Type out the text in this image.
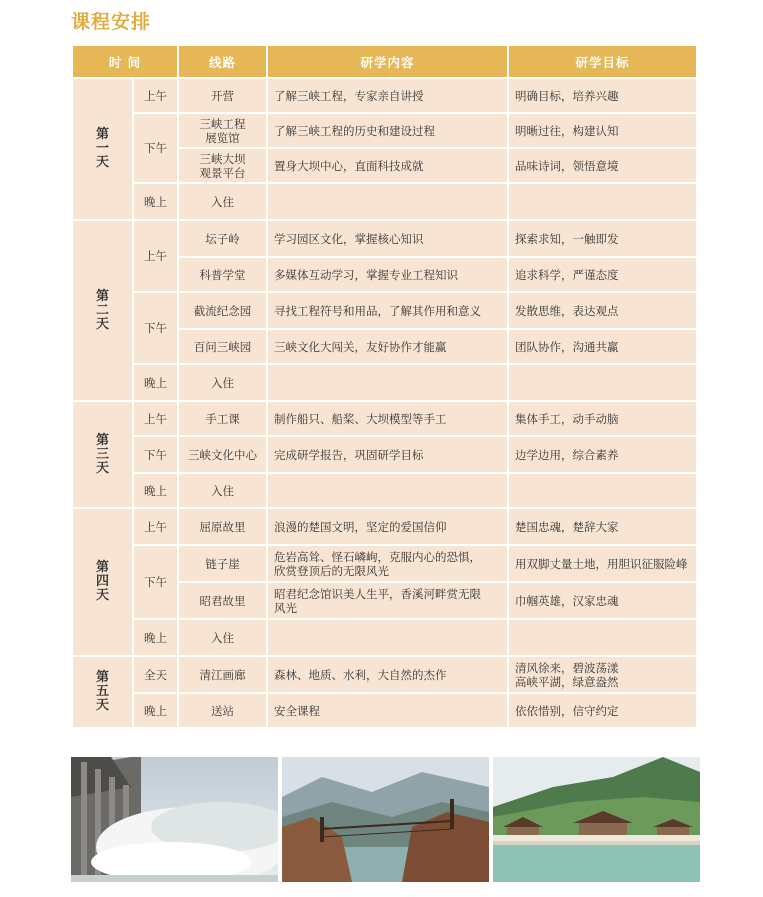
课程安排
时 间		线路	研学内容	研学目标
第一天	上午	开营	了解三峡工程，专家亲自讲授	明确目标，培养兴趣
	下午	三峡工程
展览馆	了解三峡工程的历史和建设过程	明晰过往，构建认知
		三峡大坝
观景平台	置身大坝中心，直面科技成就	品味诗词，领悟意境
	晚上	入住		
第二天	上午	坛子岭	学习园区文化，掌握核心知识	探索求知，一触即发
		科普学堂	多媒体互动学习，掌握专业工程知识	追求科学，严谨态度
	下午	截流纪念园	寻找工程符号和用品，了解其作用和意义	发散思维，表达观点
		百问三峡园	三峡文化大闯关，友好协作才能赢	团队协作，沟通共赢
	晚上	入住		
第三天	上午	手工课	制作船只、船桨、大坝模型等手工	集体手工，动手动脑
	下午	三峡文化中心	完成研学报告，巩固研学目标	边学边用，综合素养
	晚上	入住		
第四天	上午	屈原故里	浪漫的楚国文明，坚定的爱国信仰	楚国忠魂，楚辞大家
	下午	链子崖	危岩高耸、怪石嶙峋，克服内心的恐惧，
欣赏登顶后的无限风光	用双脚丈量土地，用胆识征服险峰
		昭君故里	昭君纪念馆识美人生平，香溪河畔赏无限
风光	巾帼英雄，汉家忠魂
	晚上	入住		
第五天	全天	清江画廊	森林、地质、水利，大自然的杰作	清风徐来，碧波荡漾
高峡平湖，绿意盎然
	晚上	送站	安全课程	依依惜别，信守约定
